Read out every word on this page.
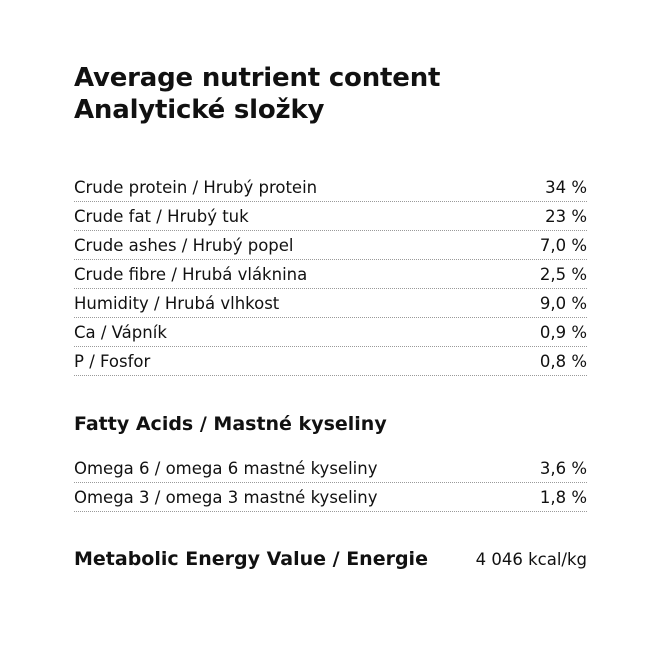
Average nutrient content
Analytické složky
Crude protein / Hrubý protein	34 %
Crude fat / Hrubý tuk	23 %
Crude ashes / Hrubý popel	7,0 %
Crude fibre / Hrubá vláknina	2,5 %
Humidity / Hrubá vlhkost	9,0 %
Ca / Vápník	0,9 %
P / Fosfor	0,8 %
Fatty Acids / Mastné kyseliny
Omega 6 / omega 6 mastné kyseliny	3,6 %
Omega 3 / omega 3 mastné kyseliny	1,8 %
Metabolic Energy Value / Energie	4 046 kcal/kg
